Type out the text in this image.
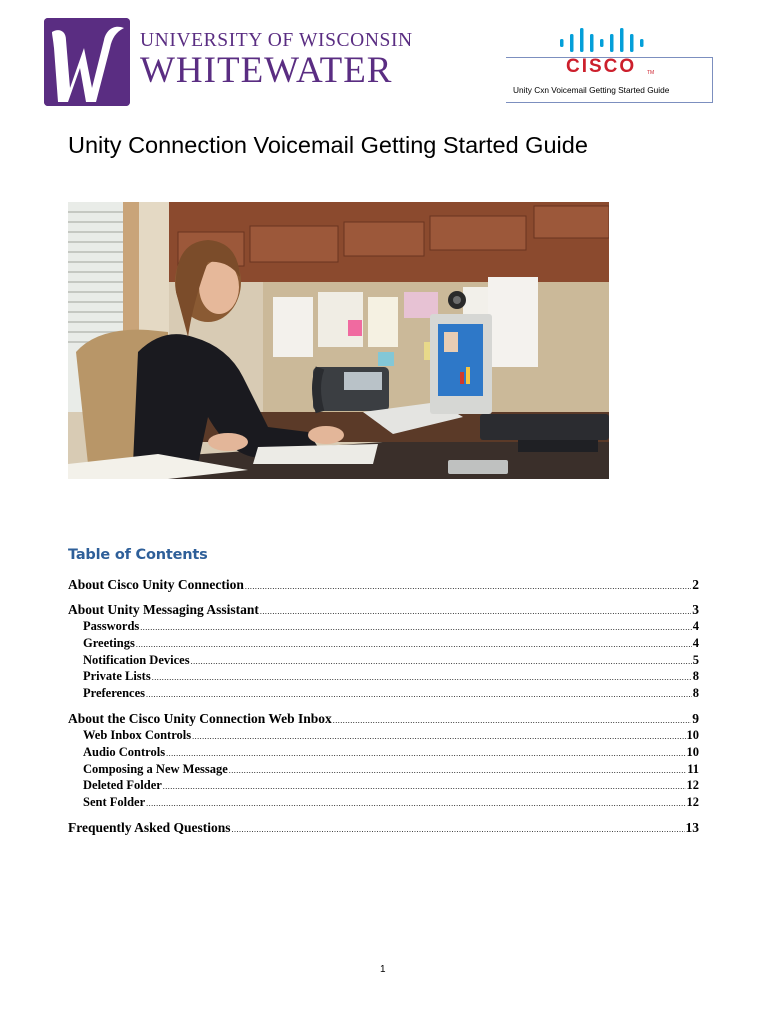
UNIVERSITY OF WISCONSIN
WHITEWATER	CISCO TM
Unity Cxn Voicemail Getting Started Guide
Unity Connection Voicemail Getting Started Guide
Table of Contents
About Cisco Unity Connection .....	2
About Unity Messaging Assistant .....	3
Passwords .....	4
Greetings .....	4
Notification Devices .....	5
Private Lists .....	8
Preferences .....	8
About the Cisco Unity Connection Web Inbox .....	9
Web Inbox Controls .....	10
Audio Controls .....	10
Composing a New Message .....	11
Deleted Folder .....	12
Sent Folder .....	12
Frequently Asked Questions .....	13
1
